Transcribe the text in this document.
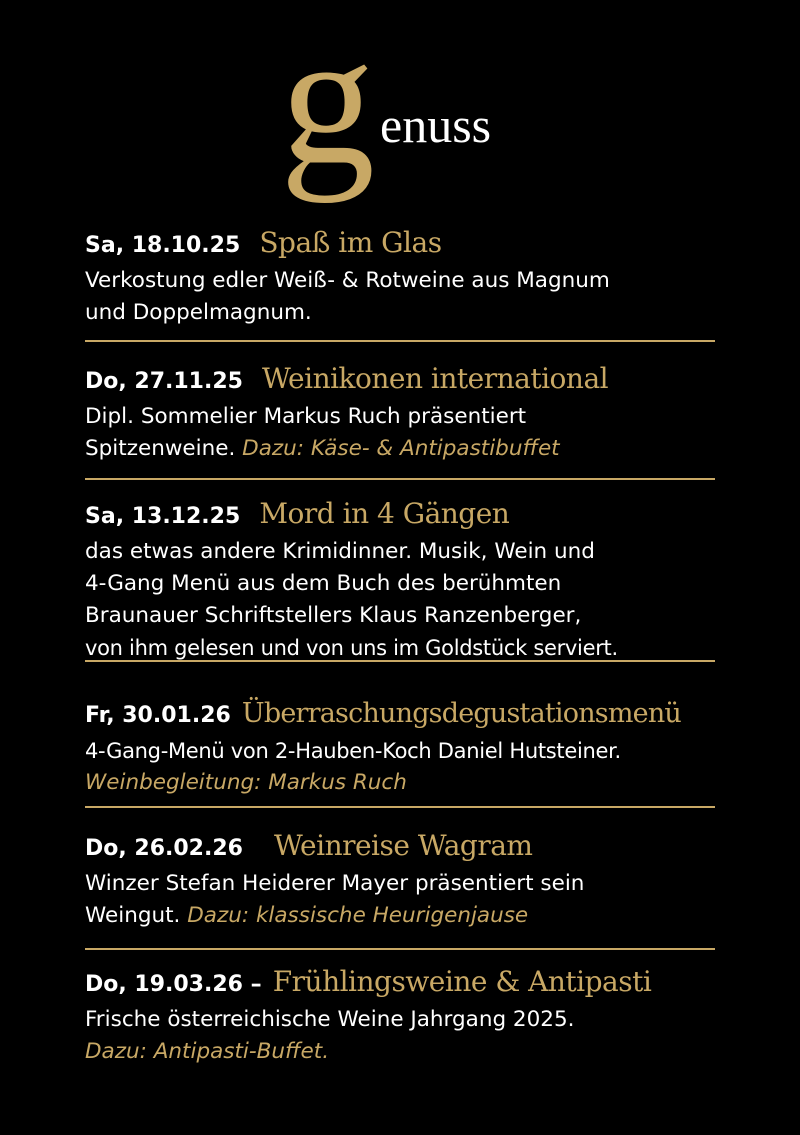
g enuss
Sa, 18.10.25 Spaß im Glas
Verkostung edler Weiß- & Rotweine aus Magnum
und Doppelmagnum.
Do, 27.11.25 Weinikonen international
Dipl. Sommelier Markus Ruch präsentiert
Spitzenweine. Dazu: Käse- & Antipastibuffet
Sa, 13.12.25 Mord in 4 Gängen
das etwas andere Krimidinner. Musik, Wein und
4-Gang Menü aus dem Buch des berühmten
Braunauer Schriftstellers Klaus Ranzenberger,
von ihm gelesen und von uns im Goldstück serviert.
Fr, 30.01.26 Überraschungsdegustationsmenü
4-Gang-Menü von 2-Hauben-Koch Daniel Hutsteiner.
Weinbegleitung: Markus Ruch
Do, 26.02.26 Weinreise Wagram
Winzer Stefan Heiderer Mayer präsentiert sein
Weingut. Dazu: klassische Heurigenjause
Do, 19.03.26 – Frühlingsweine & Antipasti
Frische österreichische Weine Jahrgang 2025.
Dazu: Antipasti-Buffet.
